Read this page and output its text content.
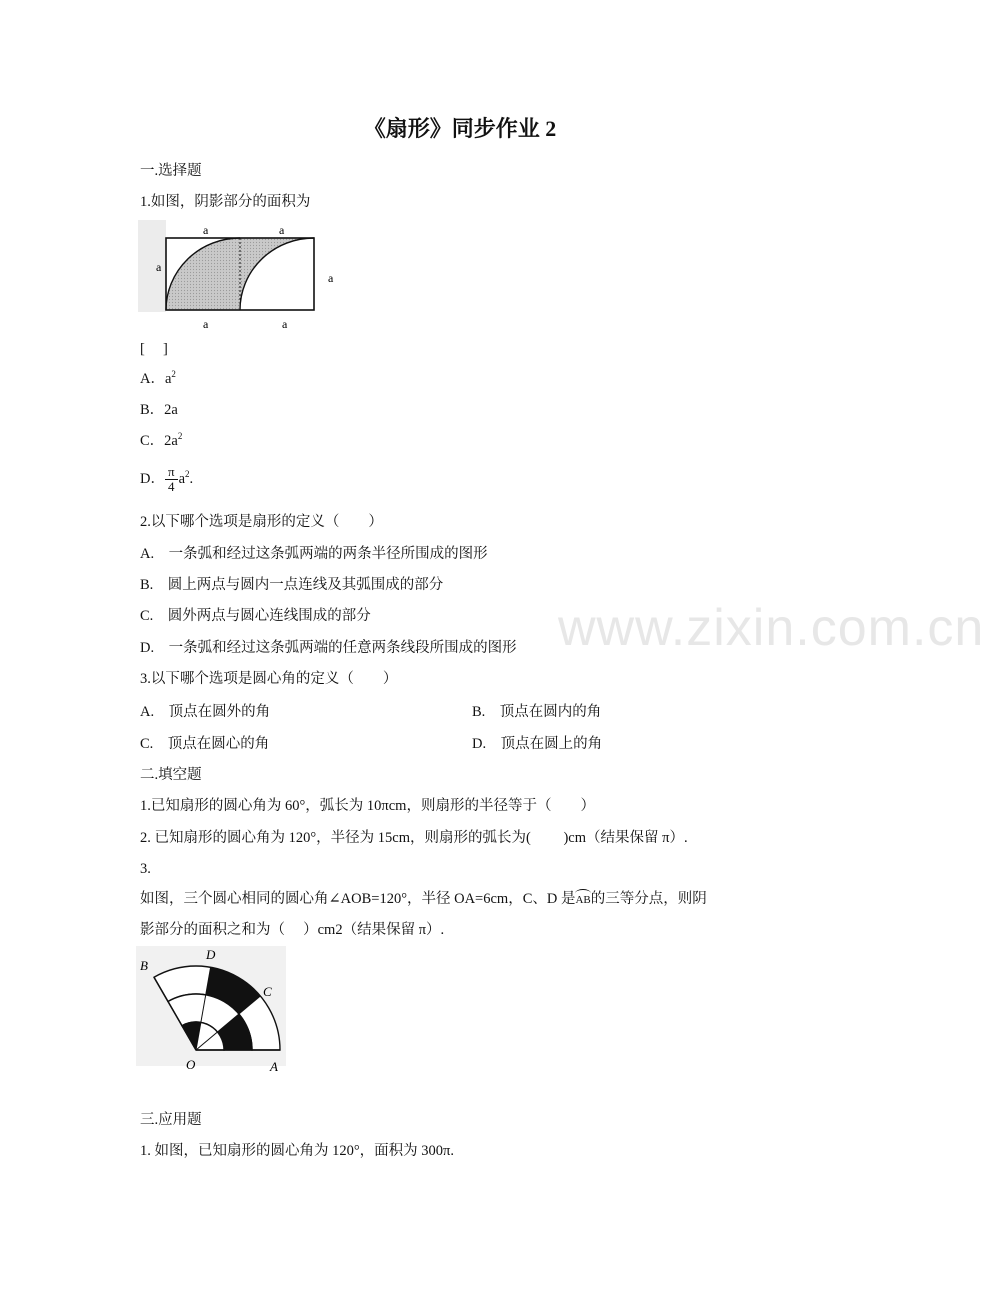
www.zixin.com.cn
《扇形》同步作业 2
一.选择题
1.如图，阴影部分的面积为
a	a
a
a
a	a
[　 ]
A．$a^2$
B．2a
C．$2a^2$
D． $\frac{\pi}{4} a^2$.
2.以下哪个选项是扇形的定义（　　）
A.　一条弧和经过这条弧两端的两条半径所围成的图形
B.　圆上两点与圆内一点连线及其弧围成的部分
C.　圆外两点与圆心连线围成的部分
D.　一条弧和经过这条弧两端的任意两条线段所围成的图形
3.以下哪个选项是圆心角的定义（　　）
A.　顶点在圆外的角	B.　顶点在圆内的角
C.　顶点在圆心的角	D.　顶点在圆上的角
二.填空题
1.已知扇形的圆心角为 60°，弧长为 10πcm，则扇形的半径等于（　　）
2. 已知扇形的圆心角为 120°，半径为 15cm，则扇形的弧长为(　　 )cm（结果保留 π）.
3.
如图，三个圆心相同的圆心角∠AOB=120°，半径 OA=6cm，C、D 是AB的三等分点，则阴
影部分的面积之和为（　 ）cm2（结果保留 π）.
B
D
C
O	A
三.应用题
1. 如图，已知扇形的圆心角为 120°，面积为 300π.
